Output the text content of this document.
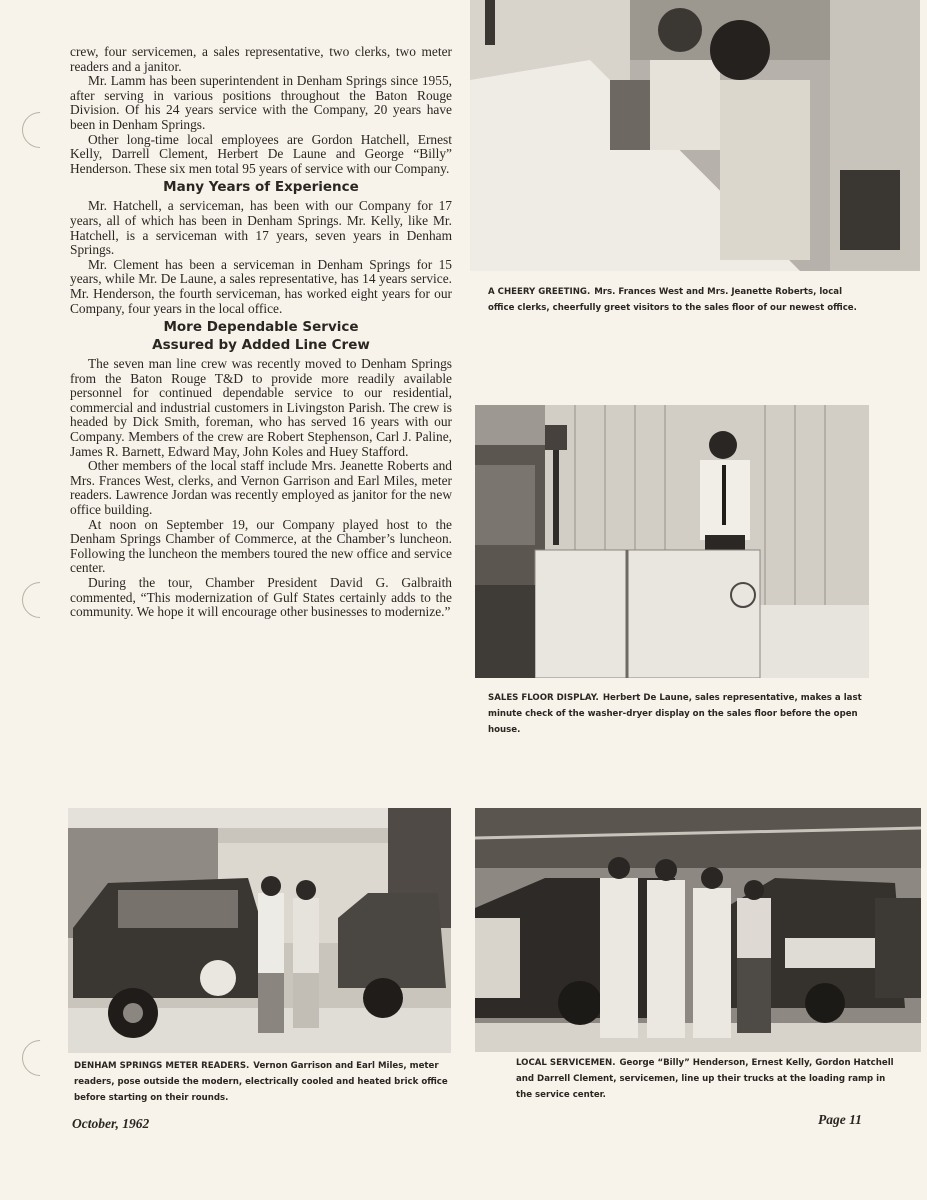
crew, four servicemen, a sales representative, two clerks, two meter readers and a janitor.

Mr. Lamm has been superintendent in Denham Springs since 1955, after serving in various positions throughout the Baton Rouge Division. Of his 24 years service with the Company, 20 years have been in Denham Springs.

Other long-time local employees are Gordon Hatchell, Ernest Kelly, Darrell Clement, Herbert De Laune and George “Billy” Henderson. These six men total 95 years of service with our Company.

Many Years of Experience

Mr. Hatchell, a serviceman, has been with our Company for 17 years, all of which has been in Denham Springs. Mr. Kelly, like Mr. Hatchell, is a serviceman with 17 years, seven years in Denham Springs.

Mr. Clement has been a serviceman in Denham Springs for 15 years, while Mr. De Laune, a sales representative, has 14 years service. Mr. Henderson, the fourth serviceman, has worked eight years for our Company, four years in the local office.

More Dependable Service
Assured by Added Line Crew

The seven man line crew was recently moved to Denham Springs from the Baton Rouge T&D to provide more readily available personnel for continued dependable service to our residential, commercial and industrial customers in Livingston Parish. The crew is headed by Dick Smith, foreman, who has served 16 years with our Company. Members of the crew are Robert Stephenson, Carl J. Paline, James R. Barnett, Edward May, John Koles and Huey Stafford.

Other members of the local staff include Mrs. Jeanette Roberts and Mrs. Frances West, clerks, and Vernon Garrison and Earl Miles, meter readers. Lawrence Jordan was recently employed as janitor for the new office building.

At noon on September 19, our Company played host to the Denham Springs Chamber of Commerce, at the Chamber’s luncheon. Following the luncheon the members toured the new office and service center.

During the tour, Chamber President David G. Galbraith commented, “This modernization of Gulf States certainly adds to the community. We hope it will encourage other businesses to modernize.”

A CHEERY GREETING. Mrs. Frances West and Mrs. Jeanette Roberts, local office clerks, cheerfully greet visitors to the sales floor of our newest office.
SALES FLOOR DISPLAY. Herbert De Laune, sales representative, makes a last minute check of the washer-dryer display on the sales floor before the open house.
DENHAM SPRINGS METER READERS. Vernon Garrison and Earl Miles, meter readers, pose outside the modern, electrically cooled and heated brick office before starting on their rounds.
LOCAL SERVICEMEN. George “Billy” Henderson, Ernest Kelly, Gordon Hatchell and Darrell Clement, servicemen, line up their trucks at the loading ramp in the service center.
October, 1962	Page 11
